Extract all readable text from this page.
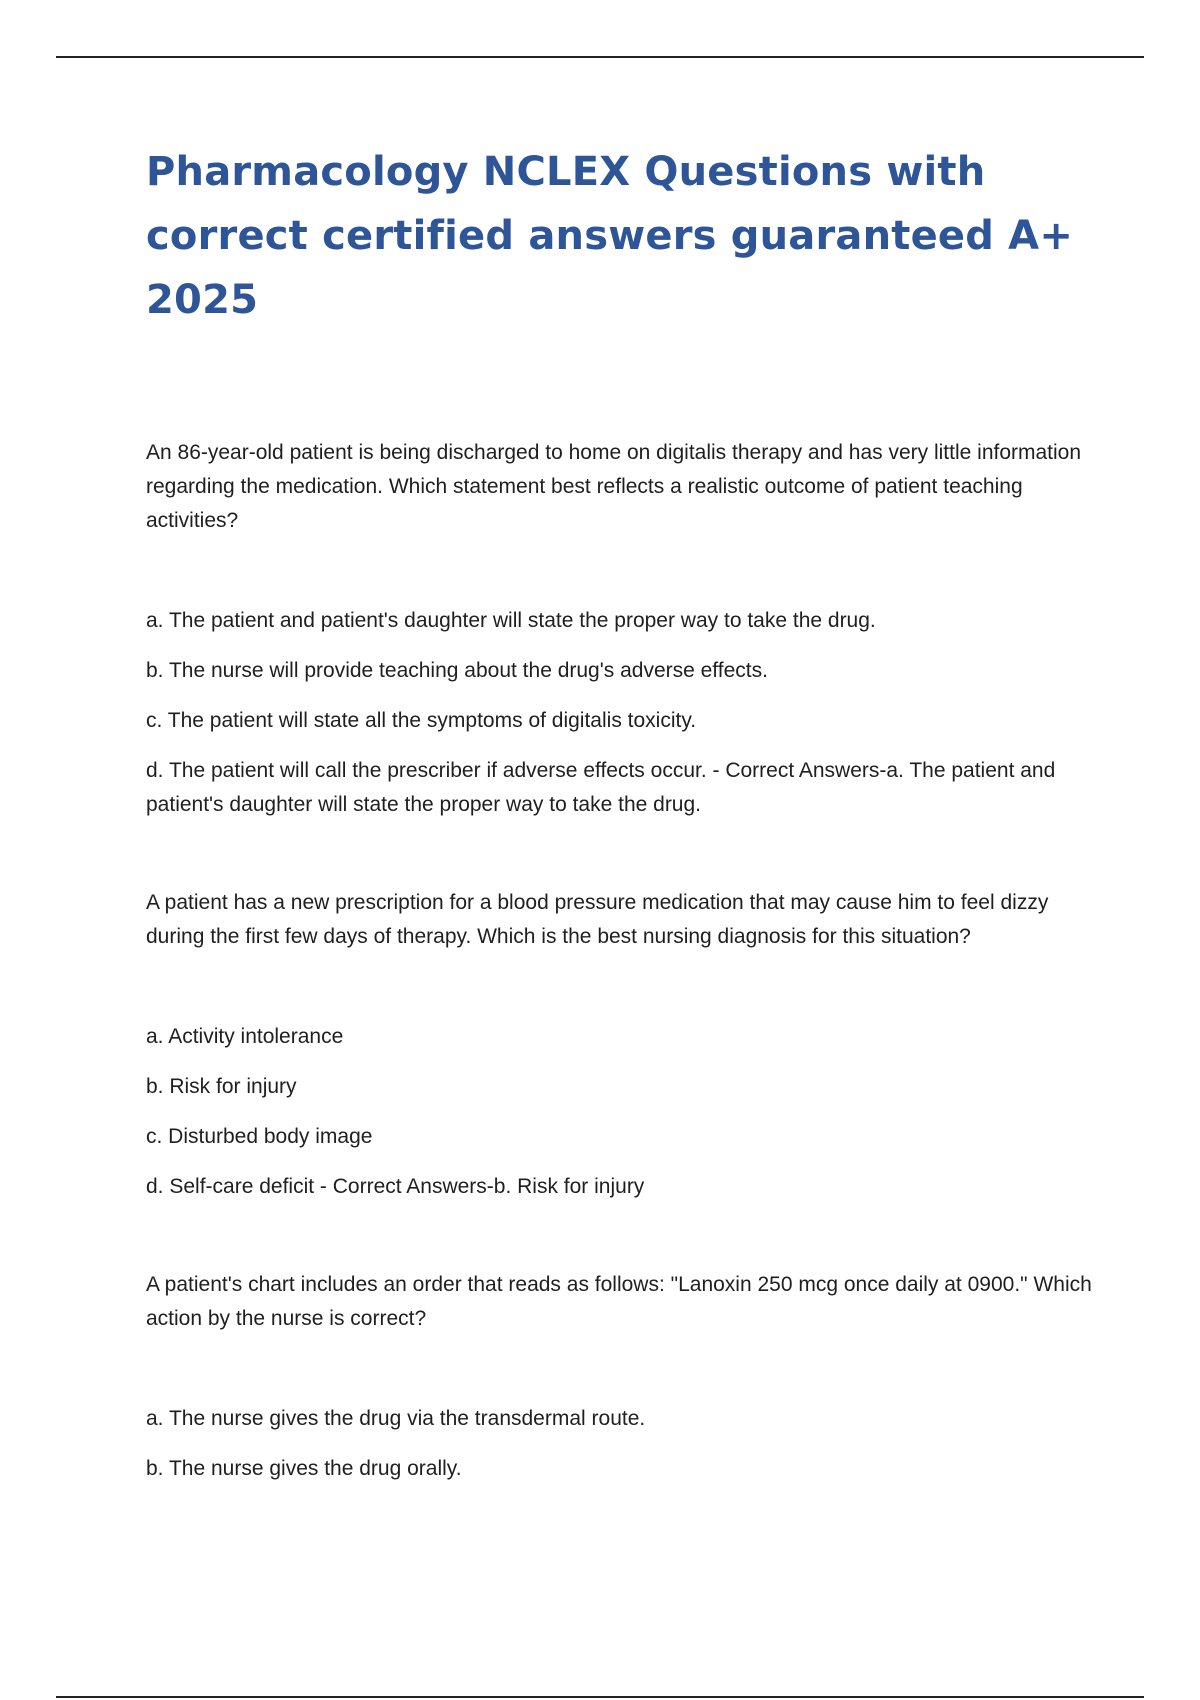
Pharmacology NCLEX Questions with correct certified answers guaranteed A+ 2025

An 86-year-old patient is being discharged to home on digitalis therapy and has very little information regarding the medication. Which statement best reflects a realistic outcome of patient teaching activities?

a. The patient and patient's daughter will state the proper way to take the drug.
b. The nurse will provide teaching about the drug's adverse effects.
c. The patient will state all the symptoms of digitalis toxicity.
d. The patient will call the prescriber if adverse effects occur. - Correct Answers-a. The patient and patient's daughter will state the proper way to take the drug.

A patient has a new prescription for a blood pressure medication that may cause him to feel dizzy during the first few days of therapy. Which is the best nursing diagnosis for this situation?

a. Activity intolerance
b. Risk for injury
c. Disturbed body image
d. Self-care deficit - Correct Answers-b. Risk for injury

A patient's chart includes an order that reads as follows: "Lanoxin 250 mcg once daily at 0900." Which action by the nurse is correct?

a. The nurse gives the drug via the transdermal route.
b. The nurse gives the drug orally.
